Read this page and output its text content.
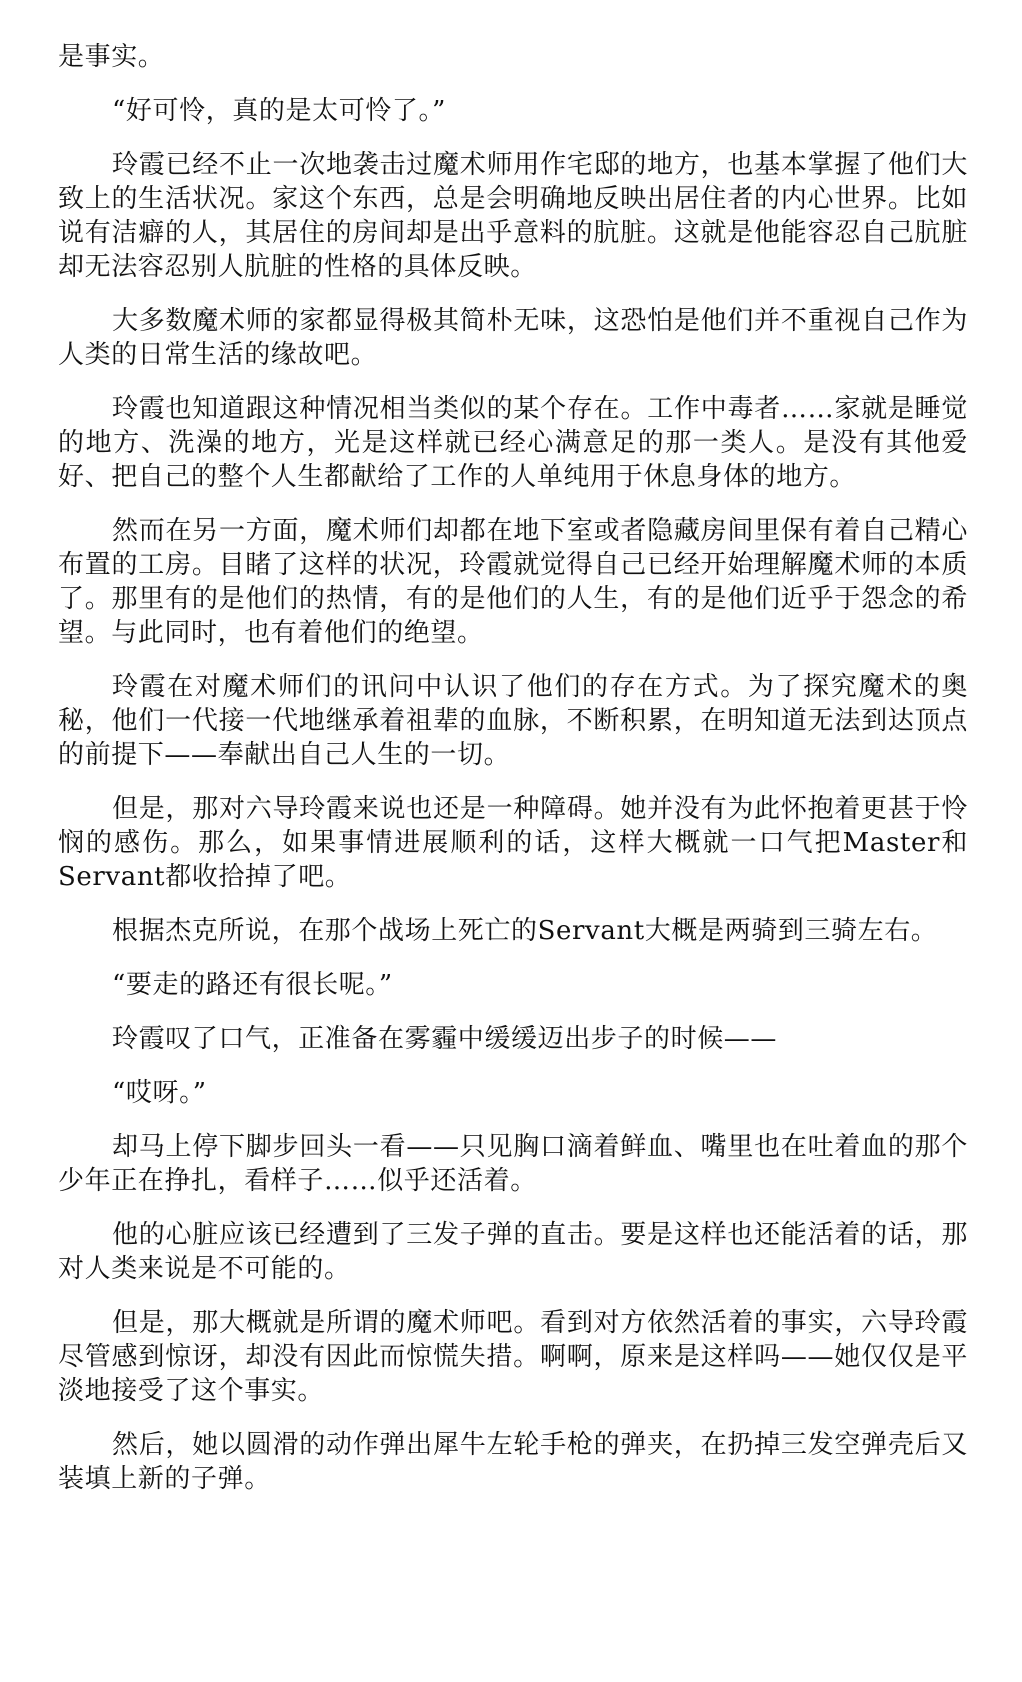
是事实。

“好可怜，真的是太可怜了。”

玲霞已经不止一次地袭击过魔术师用作宅邸的地方，也基本掌握了他们大致上的生活状况。家这个东西，总是会明确地反映出居住者的内心世界。比如说有洁癖的人，其居住的房间却是出乎意料的肮脏。这就是他能容忍自己肮脏却无法容忍别人肮脏的性格的具体反映。

大多数魔术师的家都显得极其简朴无味，这恐怕是他们并不重视自己作为人类的日常生活的缘故吧。

玲霞也知道跟这种情况相当类似的某个存在。工作中毒者……家就是睡觉的地方、洗澡的地方，光是这样就已经心满意足的那一类人。是没有其他爱好、把自己的整个人生都献给了工作的人单纯用于休息身体的地方。

然而在另一方面，魔术师们却都在地下室或者隐藏房间里保有着自己精心布置的工房。目睹了这样的状况，玲霞就觉得自己已经开始理解魔术师的本质了。那里有的是他们的热情，有的是他们的人生，有的是他们近乎于怨念的希望。与此同时，也有着他们的绝望。

玲霞在对魔术师们的讯问中认识了他们的存在方式。为了探究魔术的奥秘，他们一代接一代地继承着祖辈的血脉，不断积累，在明知道无法到达顶点的前提下——奉献出自己人生的一切。

但是，那对六导玲霞来说也还是一种障碍。她并没有为此怀抱着更甚于怜悯的感伤。那么，如果事情进展顺利的话，这样大概就一口气把Master和Servant都收拾掉了吧。

根据杰克所说，在那个战场上死亡的Servant大概是两骑到三骑左右。

“要走的路还有很长呢。”

玲霞叹了口气，正准备在雾霾中缓缓迈出步子的时候——

“哎呀。”

却马上停下脚步回头一看——只见胸口滴着鲜血、嘴里也在吐着血的那个少年正在挣扎，看样子……似乎还活着。

他的心脏应该已经遭到了三发子弹的直击。要是这样也还能活着的话，那对人类来说是不可能的。

但是，那大概就是所谓的魔术师吧。看到对方依然活着的事实，六导玲霞尽管感到惊讶，却没有因此而惊慌失措。啊啊，原来是这样吗——她仅仅是平淡地接受了这个事实。

然后，她以圆滑的动作弹出犀牛左轮手枪的弹夹，在扔掉三发空弹壳后又装填上新的子弹。
